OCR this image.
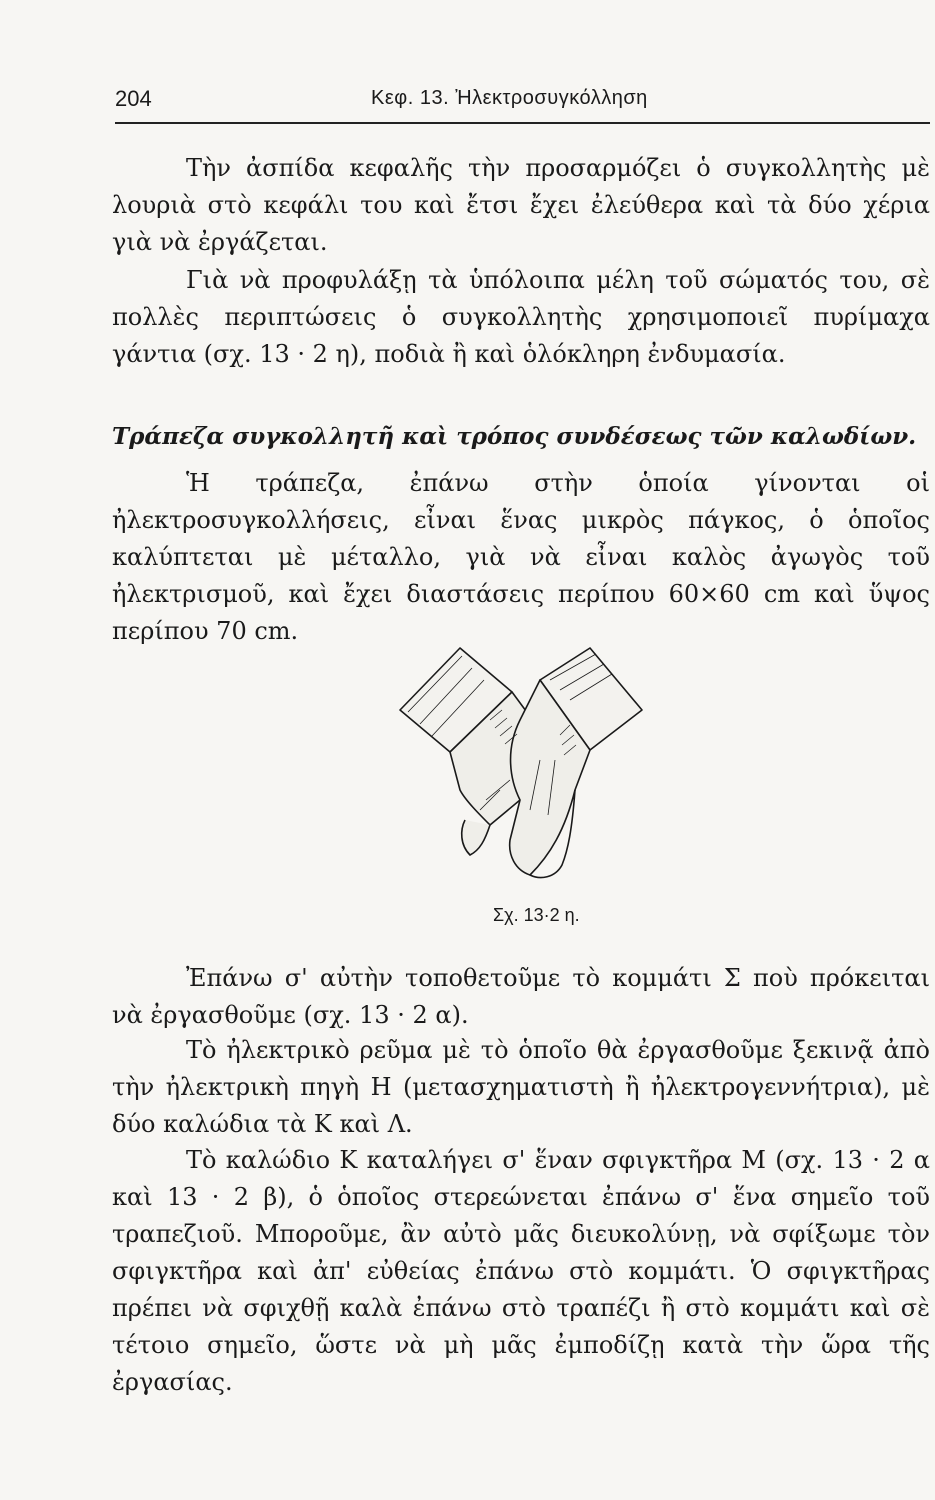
204	Κεφ. 13. Ἠλεκτροσυγκόλληση

Τὴν ἀσπίδα κεφαλῆς τὴν προσαρμόζει ὁ συγκολλητὴς μὲ λουριὰ στὸ κεφάλι του καὶ ἔτσι ἔχει ἐλεύθερα καὶ τὰ δύο χέρια γιὰ νὰ ἐργάζεται.

Γιὰ νὰ προφυλάξῃ τὰ ὑπόλοιπα μέλη τοῦ σώματός του, σὲ πολλὲς περιπτώσεις ὁ συγκολλητὴς χρησιμοποιεῖ πυρίμαχα γάντια (σχ. 13 · 2 η), ποδιὰ ἢ καὶ ὁλόκληρη ἐνδυμασία.

Τράπεζα συγκολλητῆ καὶ τρόπος συνδέσεως τῶν καλωδίων.

Ἡ τράπεζα, ἐπάνω στὴν ὁποία γίνονται οἱ ἠλεκτροσυγκολλήσεις, εἶναι ἕνας μικρὸς πάγκος, ὁ ὁποῖος καλύπτεται μὲ μέταλλο, γιὰ νὰ εἶναι καλὸς ἀγωγὸς τοῦ ἠλεκτρισμοῦ, καὶ ἔχει διαστάσεις περίπου 60×60 cm καὶ ὕψος περίπου 70 cm.

Σχ. 13·2 η.

Ἐπάνω σ' αὐτὴν τοποθετοῦμε τὸ κομμάτι Σ ποὺ πρόκειται νὰ ἐργασθοῦμε (σχ. 13 · 2 α).

Τὸ ἠλεκτρικὸ ρεῦμα μὲ τὸ ὁποῖο θὰ ἐργασθοῦμε ξεκινᾷ ἀπὸ τὴν ἠλεκτρικὴ πηγὴ Η (μετασχηματιστὴ ἢ ἠλεκτρογεννήτρια), μὲ δύο καλώδια τὰ Κ καὶ Λ.

Τὸ καλώδιο Κ καταλήγει σ' ἕναν σφιγκτῆρα Μ (σχ. 13 · 2 α καὶ 13 · 2 β), ὁ ὁποῖος στερεώνεται ἐπάνω σ' ἕνα σημεῖο τοῦ τραπεζιοῦ. Μποροῦμε, ἂν αὐτὸ μᾶς διευκολύνῃ, νὰ σφίξωμε τὸν σφιγκτῆρα καὶ ἀπ' εὐθείας ἐπάνω στὸ κομμάτι. Ὁ σφιγκτῆρας πρέπει νὰ σφιχθῇ καλὰ ἐπάνω στὸ τραπέζι ἢ στὸ κομμάτι καὶ σὲ τέτοιο σημεῖο, ὥστε νὰ μὴ μᾶς ἐμποδίζῃ κατὰ τὴν ὥρα τῆς ἐργασίας.
